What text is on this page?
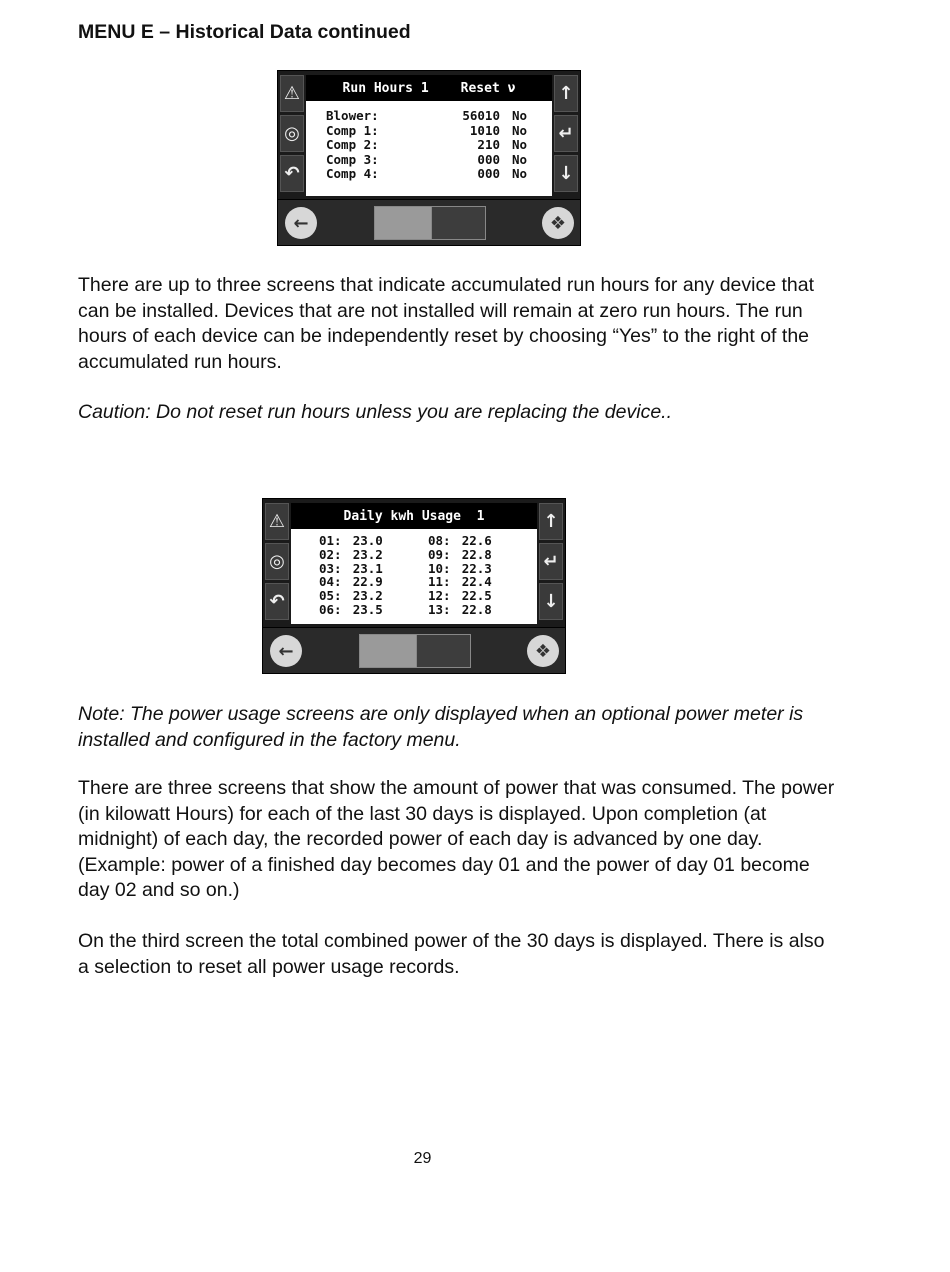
MENU E – Historical Data continued
⚠
◎
↶
Run Hours 1 Reset ν
Blower:	56010 No
Comp 1:	1010 No
Comp 2:	210 No
Comp 3:	000 No
Comp 4:	000 No
↑
↵
↓
←	❖
There are up to three screens that indicate accumulated run hours for any device that can be installed. Devices that are not installed will remain at zero run hours. The run hours of each device can be independently reset by choosing “Yes” to the right of the accumulated run hours.
Caution: Do not reset run hours unless you are replacing the device..
⚠
◎
↶
Daily kwh Usage  1
01: 23.0	08: 22.6
02: 23.2	09: 22.8
03: 23.1	10: 22.3
04: 22.9	11: 22.4
05: 23.2	12: 22.5
06: 23.5	13: 22.8
↑
↵
↓
←	❖
Note: The power usage screens are only displayed when an optional power meter is installed and configured in the factory menu.
There are three screens that show the amount of power that was consumed. The power (in kilowatt Hours) for each of the last 30 days is displayed. Upon completion (at midnight) of each day, the recorded power of each day is advanced by one day. (Example: power of a finished day becomes day 01 and the power of day 01 become day 02 and so on.)
On the third screen the total combined power of the 30 days is displayed. There is also a selection to reset all power usage records.
29
